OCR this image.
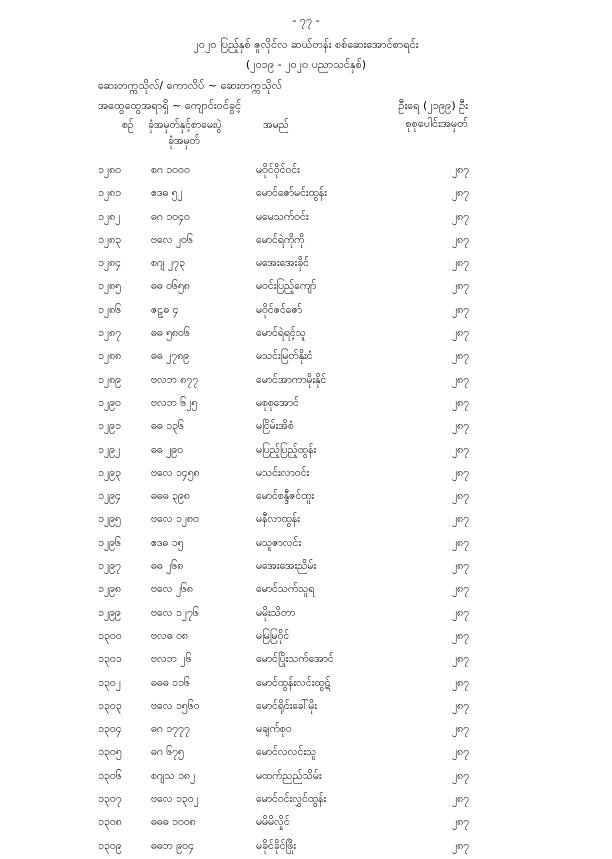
- ၇၇ -
၂၀၂၀ ပြည့်နှစ် ဇူလိုင်လ ဆယ်တန်း စစ်ဆေးအောင်စာရင်း
(၂၀၁၉ - ၂၀၂၀ ပညာသင်နှစ်)
ဆေးတက္ကသိုလ်/ ကောလိပ် ~ ဆေးတက္ကသိုလ်
အထွေထွေအရာရှိ ~ ကျောင်းဝင်ခွင့်	ဦးရေ (၂၁၉၉) ဦး
စုစုပေါင်းအမှတ်
စဉ် ခုံအမှတ်နှင့်စာမေးပွဲ
ခုံအမှတ်
အမည်
၁၂၈၀	စဂ ၁၀၀၀	မဝိုင်ဝိုင်ဝင်း	၂၈၇
၁၂၈၁	ဧဒဓ ၅၂	မောင်ဇော်မင်းထွန်း	၂၈၇
၁၂၈၂	ဓဂ ၁၀၄၀	မမေသက်ဝင်း	၂၈၇
၁၂၈၃	ဗလေ ၂၀၆	မောင်ရဲကိုကို	၂၈၇
၁၂၈၄	စဂျ ၂၇၃	မအေးအေးခိုင်	၂၈၇
၁၂၈၅	ဓဓ ၀၆၅၈	မဝင်းပြည့်ကျော်	၂၈၇
၁၂၈၆	ဇဠဓ ၄	မဝိုင်ဇင်ဇော်	၂၈၇
၁၂၈၇	ဓဓ ၅၈၀၆	မောင်ရဲရင့်သူ	၂၈၇
၁၂၈၈	ဓဓ ၂၇၈၉	မသင်းမြတ်နိုးငံ	၂၈၇
၁၂၈၉	ဗလဘ ၈၇၇	မောင်အာကာမိုးနိုင်	၂၈၇
၁၂၉၀	ဗလဘ ၆၂၅	မစုစုအောင်	၂၈၇
၁၂၉၁	ဓဓ ၁၃၆	မငြိမ်းအိစံ	၂၈၇
၁၂၉၂	ဓဓ ၂၉၀	မပြည့်ပြည့်ထွန်း	၂၈၇
၁၂၉၃	ဗလေ ၁၄၅၈	မသင်းလာဝင်း	၂၈၇
၁၂၉၄	ဓဓဓ ၃၉၈	မောင်စန္ဒီဇင်ထူး	၂၈၇
၁၂၉၅	ဗလေ ၁၂၈၀	မနီလာထွန်း	၂၈၇
၁၂၉၆	ဧဒဓ ၁၅	မသူဇာလင်း	၂၈၇
၁၂၉၇	ဓဓ ၂၆၈	မအေးအေးညိမ်း	၂၈၇
၁၂၉၈	ဗလေ ၂၆၈	မောင်သက်သူရ	၂၈၇
၁၂၉၉	ဗလေ ၁၂၇၆	မမိုးသိတာ	၂၈၇
၁၃၀၀	ဗလဓ ၀၈	မမြမြဝိုင်	၂၈၇
၁၃၀၁	ဗလဘ ၂၆	မောင်ပြိုးသက်အောင်	၂၈၇
၁၃၀၂	ဓဓဓ ၁၁၆	မောင်ထွန်းလင်းထွဋ်	၂၈၇
၁၃၀၃	ဗလေ ၁၅၆၀	မောင်ရိုင်းခေါ်မိုး	၂၈၇
၁၃၀၄	ဓဂ ၁၇၇၇	မချက်စုဝ	၂၈၇
၁၃၀၅	ဓဂ ၆၇၅	မောင်လလင်းသူ	၂၈၇
၁၃၀၆	စဂျသ ၁၈၂	မထက်ညည်သိမ်း	၂၈၇
၁၃၀၇	ဗလေ ၁၃၀၂	မောင်ဝင်းလွှင်ထွန်း	၂၈၇
၁၃၀၈	ဓဓဓ ၁၀၀၈	မမိမိလှိုင်	၂၈၇
၁၃၀၉	ဓဓဘ ၉၀၄	မခိုင်ခိုင်ဖြိုး	၂၈၇
